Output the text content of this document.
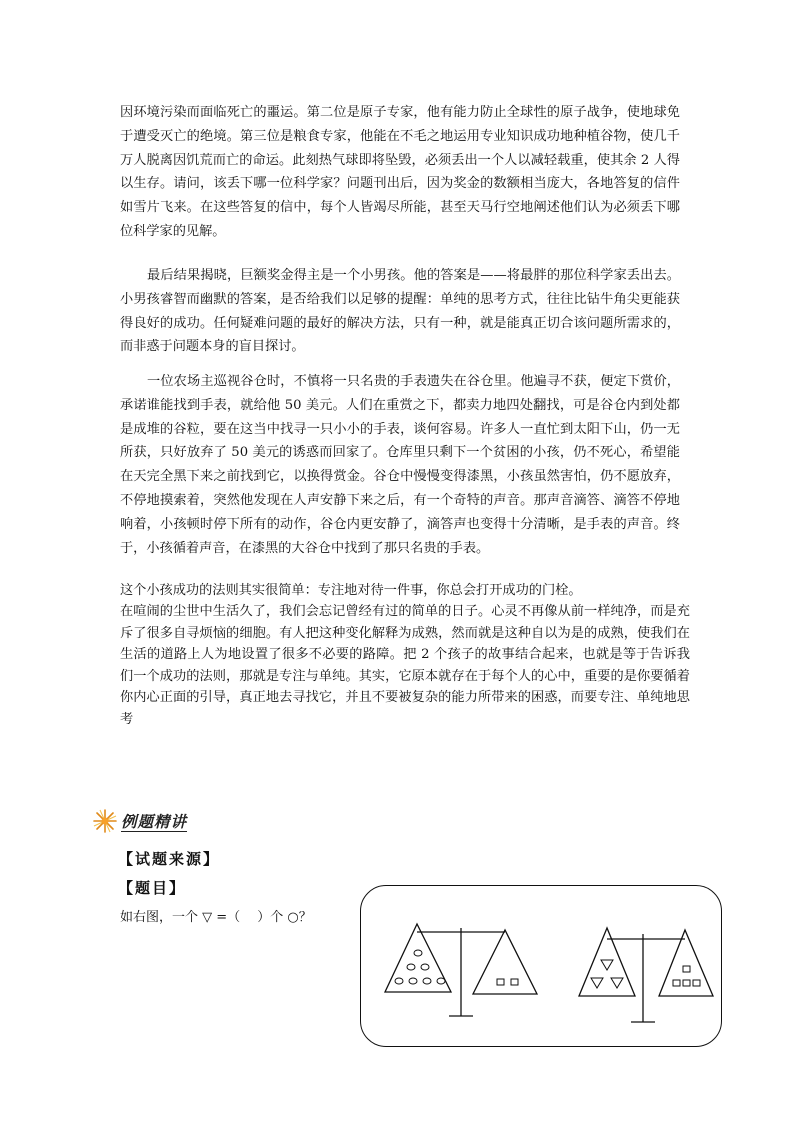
因环境污染而面临死亡的噩运。第二位是原子专家，他有能力防止全球性的原子战争，使地球免于遭受灭亡的绝境。第三位是粮食专家，他能在不毛之地运用专业知识成功地种植谷物，使几千万人脱离因饥荒而亡的命运。此刻热气球即将坠毁，必须丢出一个人以减轻载重，使其余 2 人得以生存。请问，该丢下哪一位科学家？问题刊出后，因为奖金的数额相当庞大，各地答复的信件如雪片飞来。在这些答复的信中，每个人皆竭尽所能，甚至天马行空地阐述他们认为必须丢下哪位科学家的见解。

最后结果揭晓，巨额奖金得主是一个小男孩。他的答案是——将最胖的那位科学家丢出去。小男孩睿智而幽默的答案，是否给我们以足够的提醒：单纯的思考方式，往往比钻牛角尖更能获得良好的成功。任何疑难问题的最好的解决方法，只有一种，就是能真正切合该问题所需求的，而非惑于问题本身的盲目探讨。

一位农场主巡视谷仓时，不慎将一只名贵的手表遗失在谷仓里。他遍寻不获，便定下赏价，承诺谁能找到手表，就给他 50 美元。人们在重赏之下，都卖力地四处翻找，可是谷仓内到处都是成堆的谷粒，要在这当中找寻一只小小的手表，谈何容易。许多人一直忙到太阳下山，仍一无所获，只好放弃了 50 美元的诱惑而回家了。仓库里只剩下一个贫困的小孩，仍不死心，希望能在天完全黑下来之前找到它，以换得赏金。谷仓中慢慢变得漆黑，小孩虽然害怕，仍不愿放弃，不停地摸索着，突然他发现在人声安静下来之后，有一个奇特的声音。那声音滴答、滴答不停地响着，小孩顿时停下所有的动作，谷仓内更安静了，滴答声也变得十分清晰，是手表的声音。终于，小孩循着声音，在漆黑的大谷仓中找到了那只名贵的手表。

这个小孩成功的法则其实很简单：专注地对待一件事，你总会打开成功的门栓。

在喧闹的尘世中生活久了，我们会忘记曾经有过的简单的日子。心灵不再像从前一样纯净，而是充斥了很多自寻烦恼的细胞。有人把这种变化解释为成熟，然而就是这种自以为是的成熟，使我们在生活的道路上人为地设置了很多不必要的路障。把 2 个孩子的故事结合起来，也就是等于告诉我们一个成功的法则，那就是专注与单纯。其实，它原本就存在于每个人的心中，重要的是你要循着你内心正面的引导，真正地去寻找它，并且不要被复杂的能力所带来的困惑，而要专注、单纯地思考

例题精讲
【试题来源】
【题目】
如右图，一个 ▽ =（　 ）个 ○？
